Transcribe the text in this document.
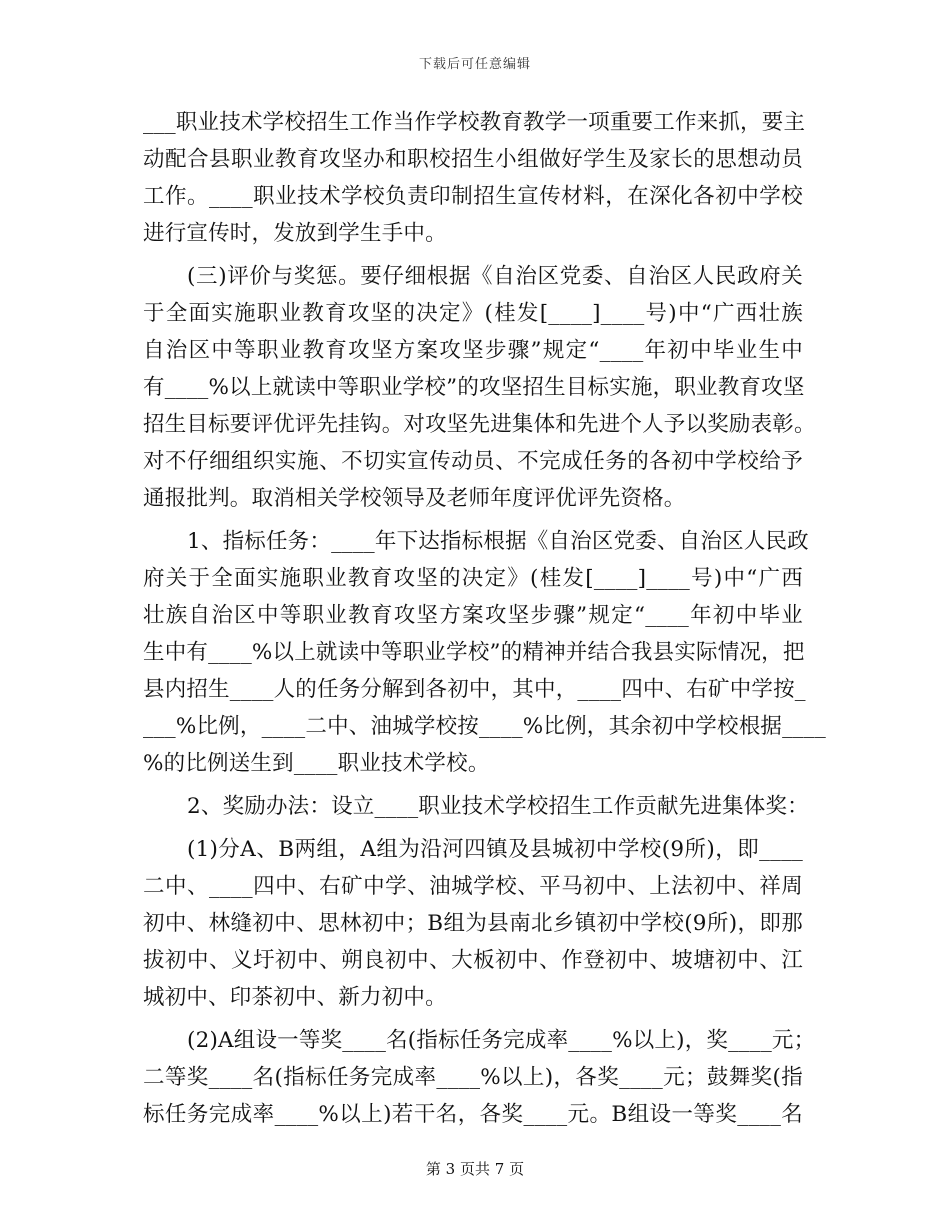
下载后可任意编辑
___职业技术学校招生工作当作学校教育教学一项重要工作来抓，要主
动配合县职业教育攻坚办和职校招生小组做好学生及家长的思想动员
工作。____职业技术学校负责印制招生宣传材料，在深化各初中学校
进行宣传时，发放到学生手中。
(三)评价与奖惩。要仔细根据《自治区党委、自治区人民政府关
于全面实施职业教育攻坚的决定》(桂发[____]____号)中“广西壮族
自治区中等职业教育攻坚方案攻坚步骤”规定“____年初中毕业生中
有____%以上就读中等职业学校”的攻坚招生目标实施，职业教育攻坚
招生目标要评优评先挂钩。对攻坚先进集体和先进个人予以奖励表彰。
对不仔细组织实施、不切实宣传动员、不完成任务的各初中学校给予
通报批判。取消相关学校领导及老师年度评优评先资格。
1、指标任务：____年下达指标根据《自治区党委、自治区人民政
府关于全面实施职业教育攻坚的决定》(桂发[____]____号)中“广西
壮族自治区中等职业教育攻坚方案攻坚步骤”规定“____年初中毕业
生中有____%以上就读中等职业学校”的精神并结合我县实际情况，把
县内招生____人的任务分解到各初中，其中，____四中、右矿中学按_
___%比例，____二中、油城学校按____%比例，其余初中学校根据____
%的比例送生到____职业技术学校。
2、奖励办法：设立____职业技术学校招生工作贡献先进集体奖：
(1)分A、B两组，A组为沿河四镇及县城初中学校(9所)，即____
二中、____四中、右矿中学、油城学校、平马初中、上法初中、祥周
初中、林缝初中、思林初中；B组为县南北乡镇初中学校(9所)，即那
拔初中、义圩初中、朔良初中、大板初中、作登初中、坡塘初中、江
城初中、印茶初中、新力初中。
(2)A组设一等奖____名(指标任务完成率____%以上)，奖____元；
二等奖____名(指标任务完成率____%以上)，各奖____元；鼓舞奖(指
标任务完成率____%以上)若干名，各奖____元。B组设一等奖____名
第 3 页共 7 页
